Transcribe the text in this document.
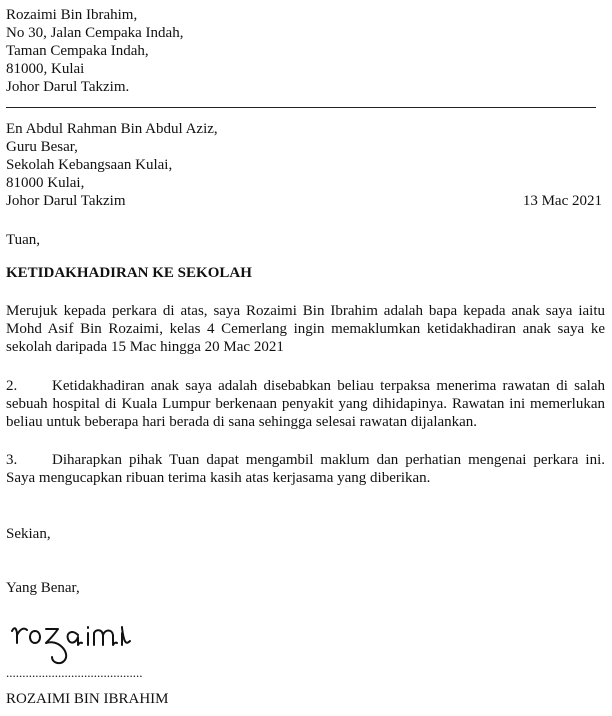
Rozaimi Bin Ibrahim,
No 30, Jalan Cempaka Indah,
Taman Cempaka Indah,
81000, Kulai
Johor Darul Takzim.
En Abdul Rahman Bin Abdul Aziz,
Guru Besar,
Sekolah Kebangsaan Kulai,
81000 Kulai,
Johor Darul Takzim	13 Mac 2021
Tuan,
KETIDAKHADIRAN KE SEKOLAH
Merujuk kepada perkara di atas, saya Rozaimi Bin Ibrahim adalah bapa kepada anak saya iaitu Mohd Asif Bin Rozaimi, kelas 4 Cemerlang ingin memaklumkan ketidakhadiran anak saya ke sekolah daripada 15 Mac hingga 20 Mac 2021
2. Ketidakhadiran anak saya adalah disebabkan beliau terpaksa menerima rawatan di salah sebuah hospital di Kuala Lumpur berkenaan penyakit yang dihidapinya. Rawatan ini memerlukan beliau untuk beberapa hari berada di sana sehingga selesai rawatan dijalankan.
3. Diharapkan pihak Tuan dapat mengambil maklum dan perhatian mengenai perkara ini. Saya mengucapkan ribuan terima kasih atas kerjasama yang diberikan.
Sekian,
Yang Benar,
..........................................
ROZAIMI BIN IBRAHIM
